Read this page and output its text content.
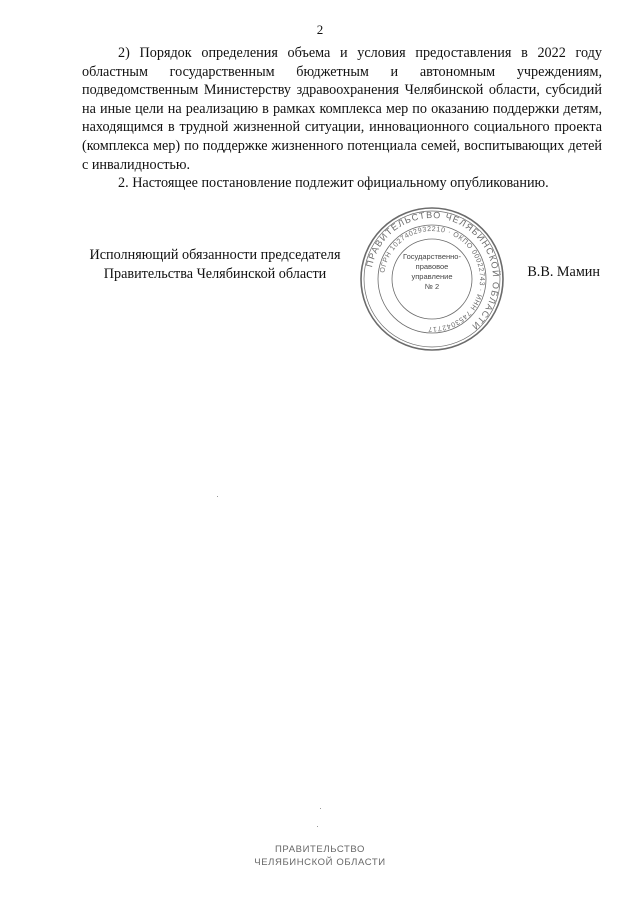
2

2) Порядок определения объема и условия предоставления в 2022 году областным государственным бюджетным и автономным учреждениям, подведомственным Министерству здравоохранения Челябинской области, субсидий на иные цели на реализацию в рамках комплекса мер по оказанию поддержки детям, находящимся в трудной жизненной ситуации, инновационного социального проекта (комплекса мер) по поддержке жизненного потенциала семей, воспитывающих детей с инвалидностью.

2. Настоящее постановление подлежит официальному опубликованию.

Исполняющий обязанности председателя
Правительства Челябинской области
ПРАВИТЕЛЬСТВО ЧЕЛЯБИНСКОЙ ОБЛАСТИ
ОГРН 1027402932210 · ОКПО 00022743 · ИНН 7453042717
Государственно-
правовое
управление
№ 2
В.В. Мамин
ПРАВИТЕЛЬСТВО
ЧЕЛЯБИНСКОЙ ОБЛАСТИ
